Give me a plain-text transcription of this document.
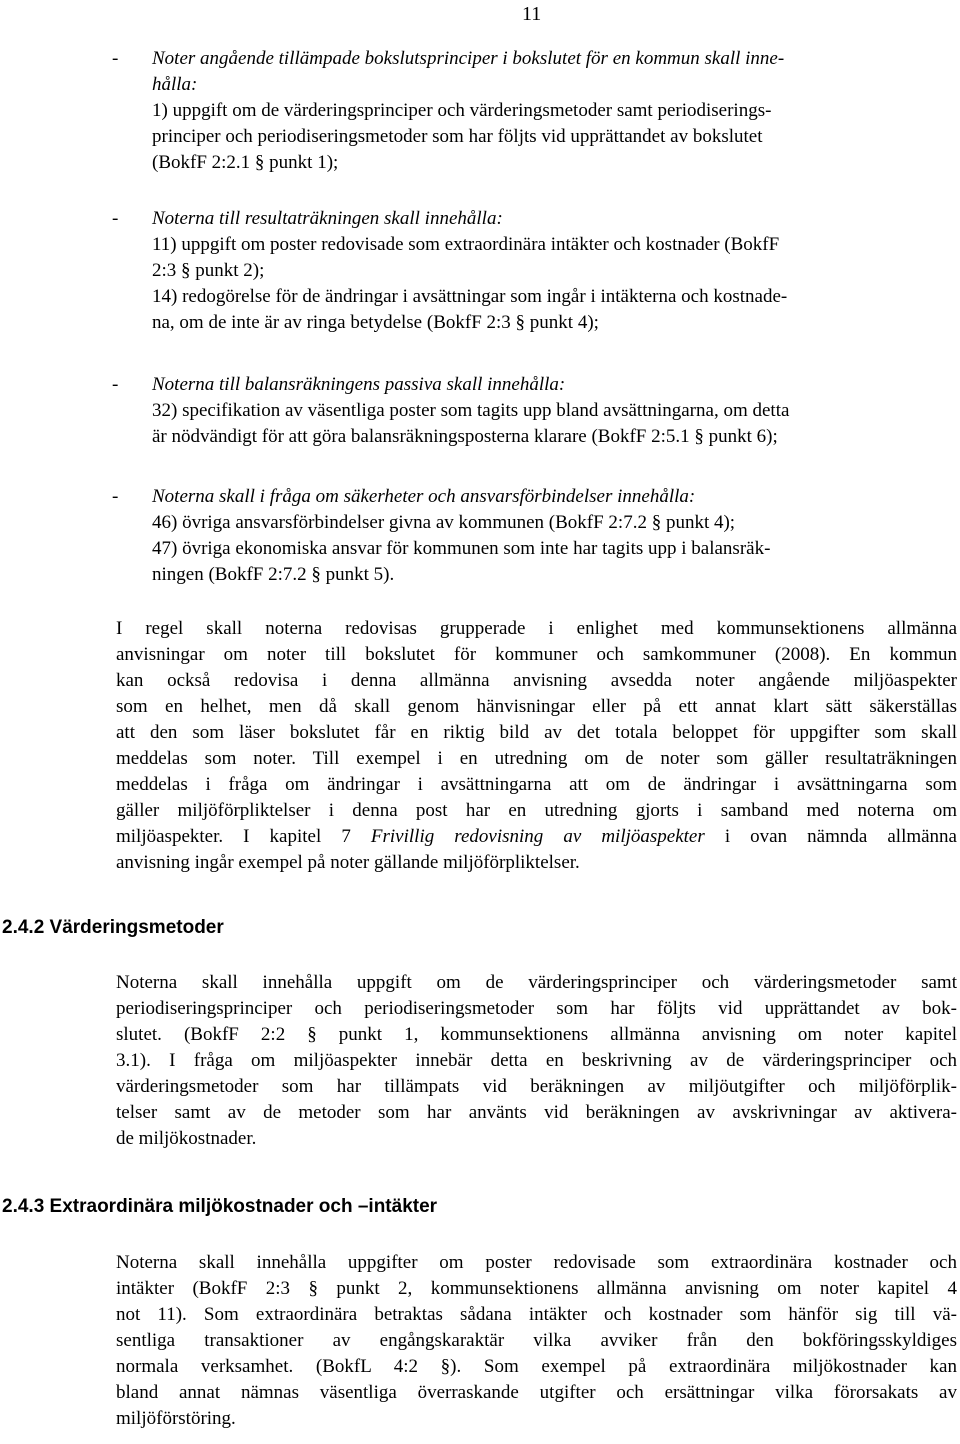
11
-	Noter angående tillämpade bokslutsprinciper i bokslutet för en kommun skall inne-
hålla:
1) uppgift om de värderingsprinciper och värderingsmetoder samt periodiserings-
principer och periodiseringsmetoder som har följts vid upprättandet av bokslutet
(BokfF 2:2.1 § punkt 1);
-	Noterna till resultaträkningen skall innehålla:
11) uppgift om poster redovisade som extraordinära intäkter och kostnader (BokfF
2:3 § punkt 2);
14) redogörelse för de ändringar i avsättningar som ingår i intäkterna och kostnade-
na, om de inte är av ringa betydelse (BokfF 2:3 § punkt 4);
-	Noterna till balansräkningens passiva skall innehålla:
32) specifikation av väsentliga poster som tagits upp bland avsättningarna, om detta
är nödvändigt för att göra balansräkningsposterna klarare (BokfF 2:5.1 § punkt 6);
-	Noterna skall i fråga om säkerheter och ansvarsförbindelser innehålla:
46) övriga ansvarsförbindelser givna av kommunen (BokfF 2:7.2 § punkt 4);
47) övriga ekonomiska ansvar för kommunen som inte har tagits upp i balansräk-
ningen (BokfF 2:7.2 § punkt 5).
I regel skall noterna redovisas grupperade i enlighet med kommunsektionens allmänna
anvisningar om noter till bokslutet för kommuner och samkommuner (2008). En kommun
kan också redovisa i denna allmänna anvisning avsedda noter angående miljöaspekter
som en helhet, men då skall genom hänvisningar eller på ett annat klart sätt säkerställas
att den som läser bokslutet får en riktig bild av det totala beloppet för uppgifter som skall
meddelas som noter. Till exempel i en utredning om de noter som gäller resultaträkningen
meddelas i fråga om ändringar i avsättningarna att om de ändringar i avsättningarna som
gäller miljöförpliktelser i denna post har en utredning gjorts i samband med noterna om
miljöaspekter. I kapitel 7 Frivillig redovisning av miljöaspekter i ovan nämnda allmänna
anvisning ingår exempel på noter gällande miljöförpliktelser.
2.4.2 Värderingsmetoder
Noterna skall innehålla uppgift om de värderingsprinciper och värderingsmetoder samt
periodiseringsprinciper och periodiseringsmetoder som har följts vid upprättandet av bok-
slutet. (BokfF 2:2 § punkt 1, kommunsektionens allmänna anvisning om noter kapitel
3.1). I fråga om miljöaspekter innebär detta en beskrivning av de värderingsprinciper och
värderingsmetoder som har tillämpats vid beräkningen av miljöutgifter och miljöförplik-
telser samt av de metoder som har använts vid beräkningen av avskrivningar av aktivera-
de miljökostnader.
2.4.3 Extraordinära miljökostnader och –intäkter
Noterna skall innehålla uppgifter om poster redovisade som extraordinära kostnader och
intäkter (BokfF 2:3 § punkt 2, kommunsektionens allmänna anvisning om noter kapitel 4
not 11). Som extraordinära betraktas sådana intäkter och kostnader som hänför sig till vä-
sentliga transaktioner av engångskaraktär vilka avviker från den bokföringsskyldiges
normala verksamhet. (BokfL 4:2 §). Som exempel på extraordinära miljökostnader kan
bland annat nämnas väsentliga överraskande utgifter och ersättningar vilka förorsakats av
miljöförstöring.
